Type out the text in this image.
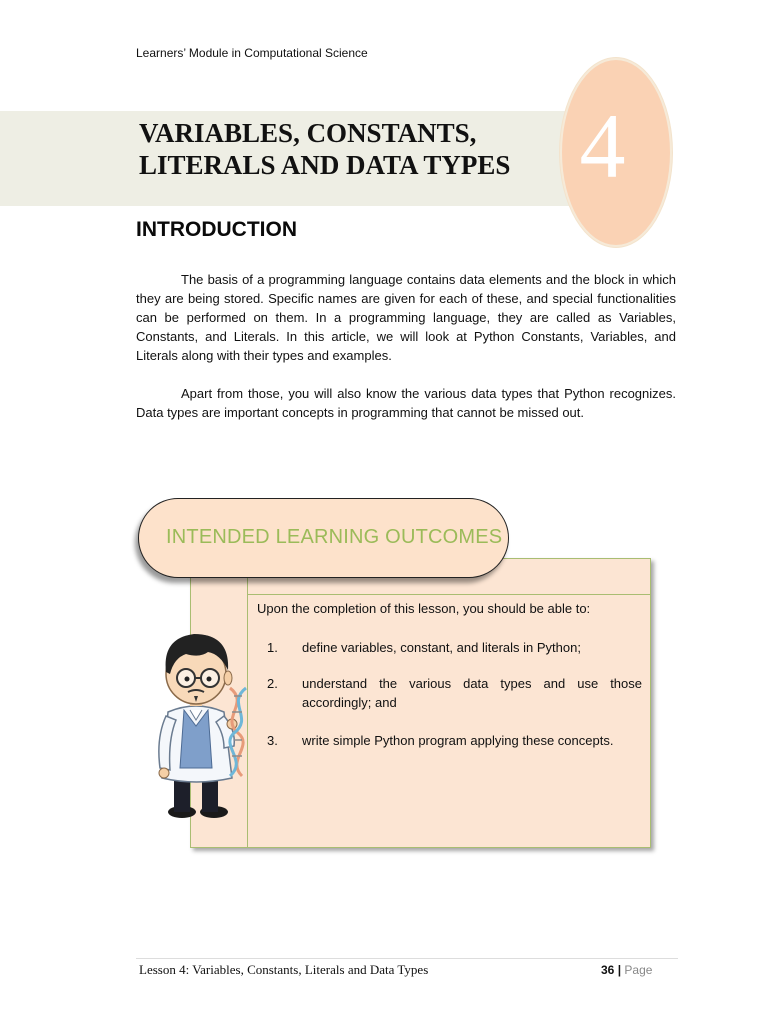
Learners’ Module in Computational Science
VARIABLES, CONSTANTS,
LITERALS AND DATA TYPES 4
INTRODUCTION

The basis of a programming language contains data elements and the block in which they are being stored. Specific names are given for each of these, and special functionalities can be performed on them. In a programming language, they are called as Variables, Constants, and Literals. In this article, we will look at Python Constants, Variables, and Literals along with their types and examples.

Apart from those, you will also know the various data types that Python recognizes. Data types are important concepts in programming that cannot be missed out.

INTENDED LEARNING OUTCOMES
Upon the completion of this lesson, you should be able to:
1. define variables, constant, and literals in Python;
2. understand the various data types and use those accordingly; and
3. write simple Python program applying these concepts.
Lesson 4: Variables, Constants, Literals and Data Types	36 | Page
